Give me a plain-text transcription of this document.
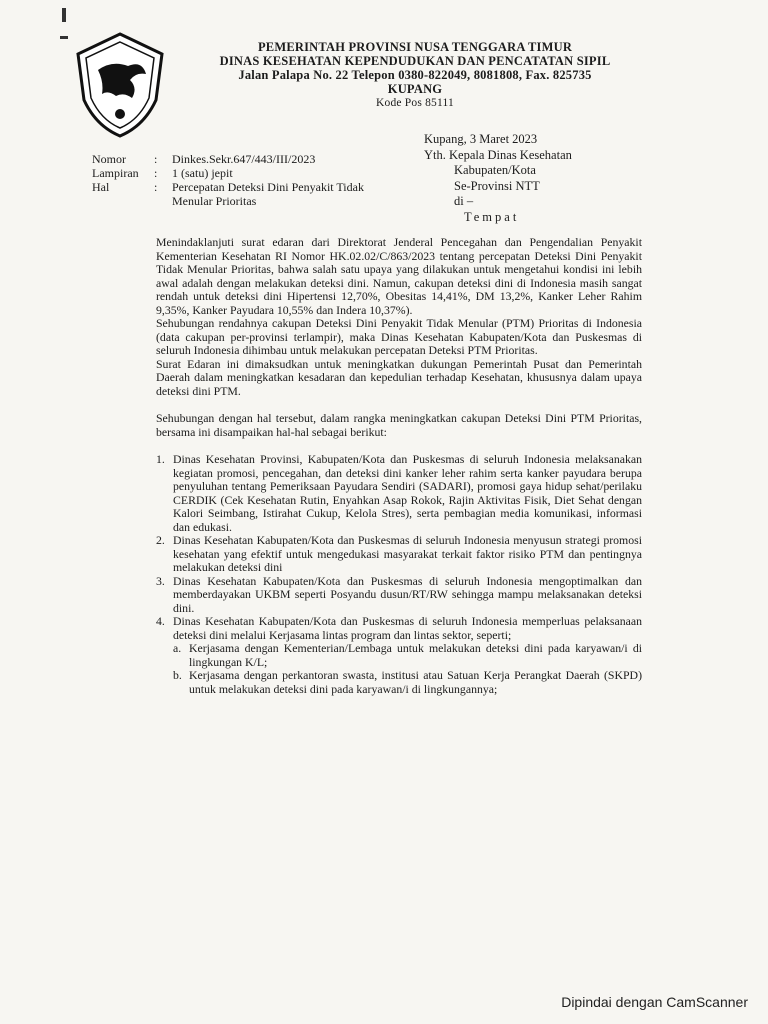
PEMERINTAH PROVINSI NUSA TENGGARA TIMUR
DINAS KESEHATAN KEPENDUDUKAN DAN PENCATATAN SIPIL
Jalan Palapa No. 22 Telepon 0380-822049, 8081808, Fax. 825735
KUPANG
Kode Pos 85111
Kupang, 3 Maret 2023
Yth. Kepala Dinas Kesehatan
Kabupaten/Kota
Se-Provinsi NTT
di –
Tempat
Nomor	:	Dinkes.Sekr.647/443/III/2023
Lampiran	:	1 (satu) jepit
Hal	:	Percepatan Deteksi Dini Penyakit Tidak Menular Prioritas

Menindaklanjuti surat edaran dari Direktorat Jenderal Pencegahan dan Pengendalian Penyakit Kementerian Kesehatan RI Nomor HK.02.02/C/863/2023 tentang percepatan Deteksi Dini Penyakit Tidak Menular Prioritas, bahwa salah satu upaya yang dilakukan untuk mengetahui kondisi ini lebih awal adalah dengan melakukan deteksi dini. Namun, cakupan deteksi dini di Indonesia masih sangat rendah untuk deteksi dini Hipertensi 12,70%, Obesitas 14,41%, DM 13,2%, Kanker Leher Rahim 9,35%, Kanker Payudara 10,55% dan Indera 10,37%).

Sehubungan rendahnya cakupan Deteksi Dini Penyakit Tidak Menular (PTM) Prioritas di Indonesia (data cakupan per-provinsi terlampir), maka Dinas Kesehatan Kabupaten/Kota dan Puskesmas di seluruh Indonesia dihimbau untuk melakukan percepatan Deteksi PTM Prioritas.

Surat Edaran ini dimaksudkan untuk meningkatkan dukungan Pemerintah Pusat dan Pemerintah Daerah dalam meningkatkan kesadaran dan kepedulian terhadap Kesehatan, khususnya dalam upaya deteksi dini PTM.

Sehubungan dengan hal tersebut, dalam rangka meningkatkan cakupan Deteksi Dini PTM Prioritas, bersama ini disampaikan hal-hal sebagai berikut:

1. Dinas Kesehatan Provinsi, Kabupaten/Kota dan Puskesmas di seluruh Indonesia melaksanakan kegiatan promosi, pencegahan, dan deteksi dini kanker leher rahim serta kanker payudara berupa penyuluhan tentang Pemeriksaan Payudara Sendiri (SADARI), promosi gaya hidup sehat/perilaku CERDIK (Cek Kesehatan Rutin, Enyahkan Asap Rokok, Rajin Aktivitas Fisik, Diet Sehat dengan Kalori Seimbang, Istirahat Cukup, Kelola Stres), serta pembagian media komunikasi, informasi dan edukasi.
2. Dinas Kesehatan Kabupaten/Kota dan Puskesmas di seluruh Indonesia menyusun strategi promosi kesehatan yang efektif untuk mengedukasi masyarakat terkait faktor risiko PTM dan pentingnya melakukan deteksi dini
3. Dinas Kesehatan Kabupaten/Kota dan Puskesmas di seluruh Indonesia mengoptimalkan dan memberdayakan UKBM seperti Posyandu dusun/RT/RW sehingga mampu melaksanakan deteksi dini.
4. Dinas Kesehatan Kabupaten/Kota dan Puskesmas di seluruh Indonesia memperluas pelaksanaan deteksi dini melalui Kerjasama lintas program dan lintas sektor, seperti;
a. Kerjasama dengan Kementerian/Lembaga untuk melakukan deteksi dini pada karyawan/i di lingkungan K/L;
b. Kerjasama dengan perkantoran swasta, institusi atau Satuan Kerja Perangkat Daerah (SKPD) untuk melakukan deteksi dini pada karyawan/i di lingkungannya;
Dipindai dengan CamScanner
